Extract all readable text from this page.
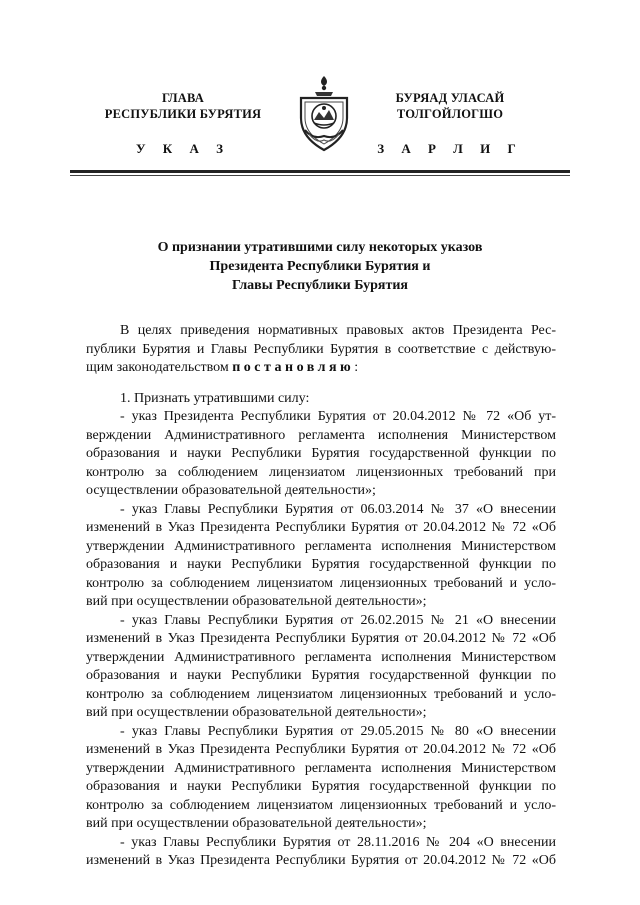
ГЛАВА
РЕСПУБЛИКИ БУРЯТИЯ
БУРЯАД УЛАСАЙ
ТОЛГОЙЛОГШО
У К А З	З А Р Л И Г
О признании утратившими силу некоторых указов
Президента Республики Бурятия и
Главы Республики Бурятия
В целях приведения нормативных правовых актов Президента Рес-
публики Бурятия и Главы Республики Бурятия в соответствие с действую-
щим законодательством постановляю:
1. Признать утратившими силу:
- указ Президента Республики Бурятия от 20.04.2012 № 72 «Об ут-
верждении Административного регламента исполнения Министерством
образования и науки Республики Бурятия государственной функции по
контролю за соблюдением лицензиатом лицензионных требований при
осуществлении образовательной деятельности»;
- указ Главы Республики Бурятия от 06.03.2014 № 37 «О внесении
изменений в Указ Президента Республики Бурятия от 20.04.2012 № 72 «Об
утверждении Административного регламента исполнения Министерством
образования и науки Республики Бурятия государственной функции по
контролю за соблюдением лицензиатом лицензионных требований и усло-
вий при осуществлении образовательной деятельности»;
- указ Главы Республики Бурятия от 26.02.2015 № 21 «О внесении
изменений в Указ Президента Республики Бурятия от 20.04.2012 № 72 «Об
утверждении Административного регламента исполнения Министерством
образования и науки Республики Бурятия государственной функции по
контролю за соблюдением лицензиатом лицензионных требований и усло-
вий при осуществлении образовательной деятельности»;
- указ Главы Республики Бурятия от 29.05.2015 № 80 «О внесении
изменений в Указ Президента Республики Бурятия от 20.04.2012 № 72 «Об
утверждении Административного регламента исполнения Министерством
образования и науки Республики Бурятия государственной функции по
контролю за соблюдением лицензиатом лицензионных требований и усло-
вий при осуществлении образовательной деятельности»;
- указ Главы Республики Бурятия от 28.11.2016 № 204 «О внесении
изменений в Указ Президента Республики Бурятия от 20.04.2012 № 72 «Об
